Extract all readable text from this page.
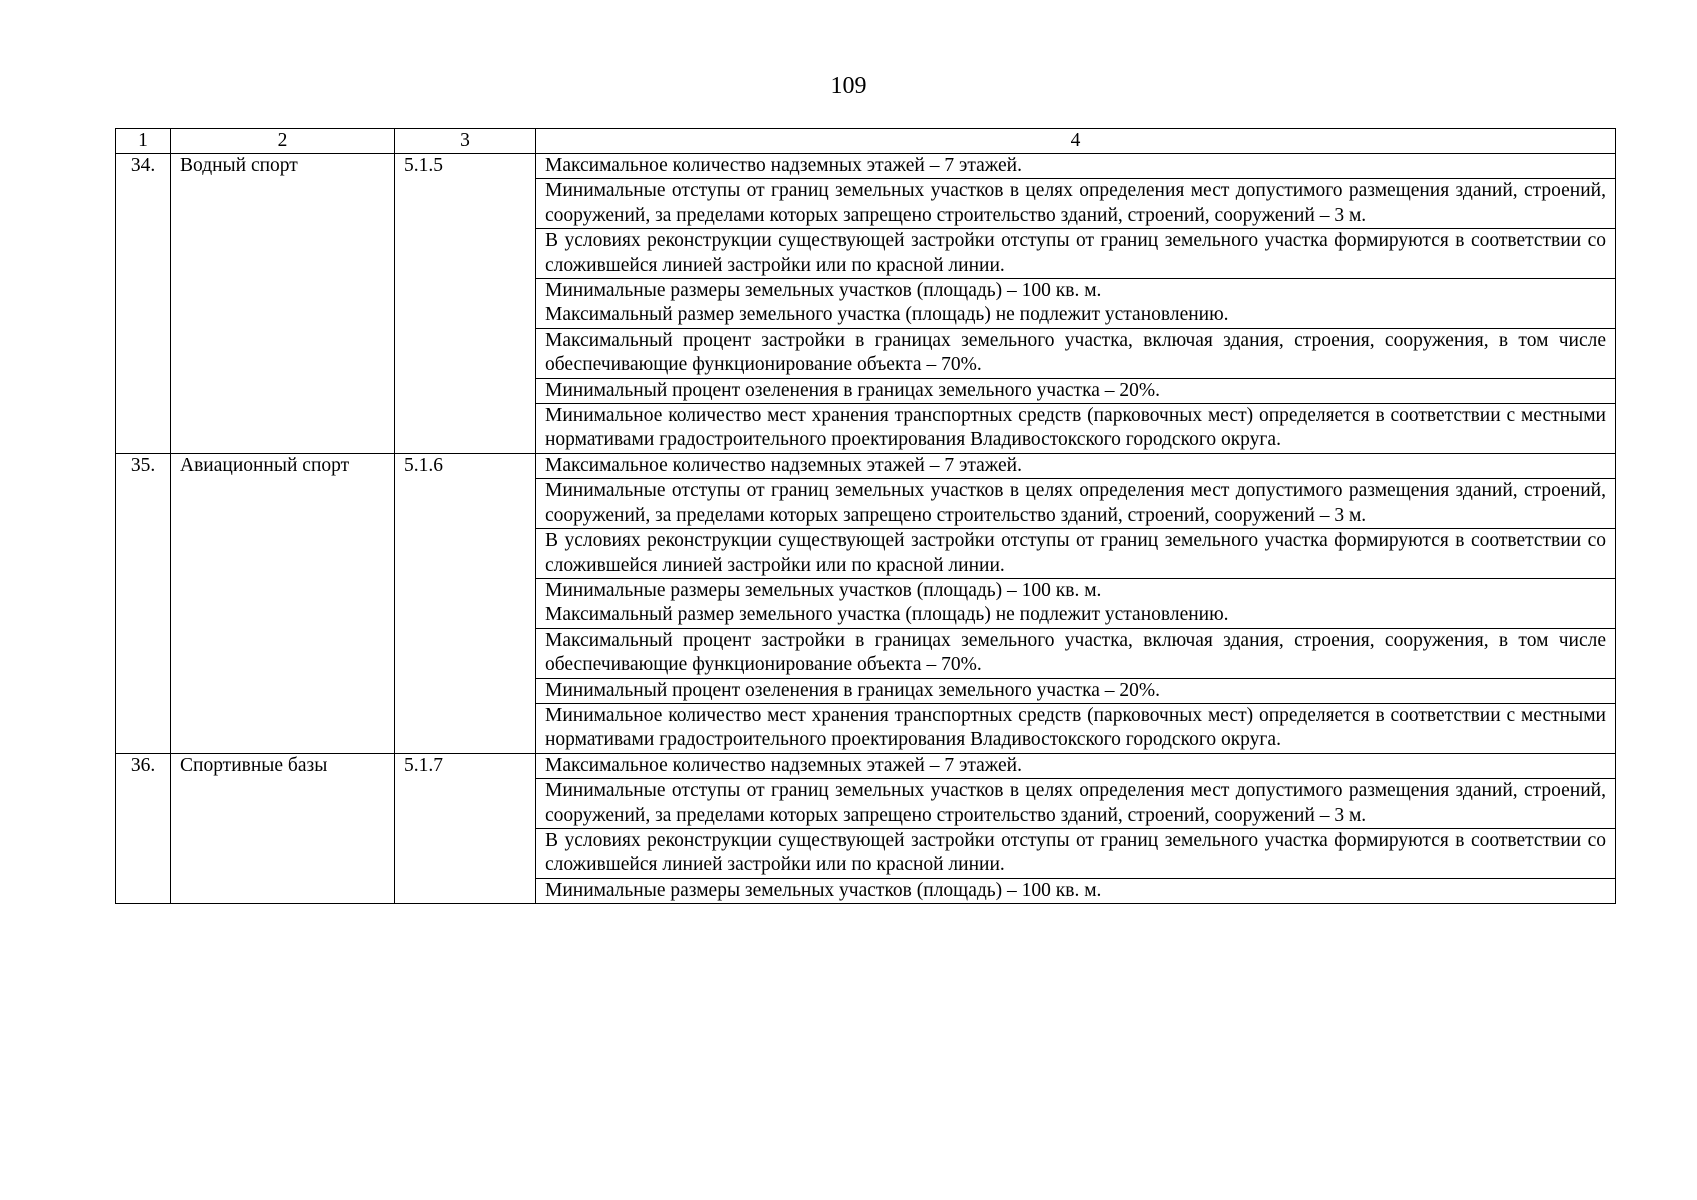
109
1	2	3	4
34.	Водный спорт	5.1.5	Максимальное количество надземных этажей – 7 этажей.

			Минимальные отступы от границ земельных участков в целях определения мест допустимого размещения зданий, строений, сооружений, за пределами которых запрещено строительство зданий, строений, сооружений – 3 м.

			В условиях реконструкции существующей застройки отступы от границ земельного участка формируются в соответствии со сложившейся линией застройки или по красной линии.

			Минимальные размеры земельных участков (площадь) – 100 кв. м.
Максимальный размер земельного участка (площадь) не подлежит установлению.

			Максимальный процент застройки в границах земельного участка, включая здания, строения, сооружения, в том числе обеспечивающие функционирование объекта – 70%.

			Минимальный процент озеленения в границах земельного участка – 20%.

			Минимальное количество мест хранения транспортных средств (парковочных мест) определяется в соответствии с местными нормативами градостроительного проектирования Владивостокского городского округа.

35.	Авиационный спорт	5.1.6	Максимальное количество надземных этажей – 7 этажей.

			Минимальные отступы от границ земельных участков в целях определения мест допустимого размещения зданий, строений, сооружений, за пределами которых запрещено строительство зданий, строений, сооружений – 3 м.

			В условиях реконструкции существующей застройки отступы от границ земельного участка формируются в соответствии со сложившейся линией застройки или по красной линии.

			Минимальные размеры земельных участков (площадь) – 100 кв. м.
Максимальный размер земельного участка (площадь) не подлежит установлению.

			Максимальный процент застройки в границах земельного участка, включая здания, строения, сооружения, в том числе обеспечивающие функционирование объекта – 70%.

			Минимальный процент озеленения в границах земельного участка – 20%.

			Минимальное количество мест хранения транспортных средств (парковочных мест) определяется в соответствии с местными нормативами градостроительного проектирования Владивостокского городского округа.

36.	Спортивные базы	5.1.7	Максимальное количество надземных этажей – 7 этажей.

			Минимальные отступы от границ земельных участков в целях определения мест допустимого размещения зданий, строений, сооружений, за пределами которых запрещено строительство зданий, строений, сооружений – 3 м.

			В условиях реконструкции существующей застройки отступы от границ земельного участка формируются в соответствии со сложившейся линией застройки или по красной линии.

			Минимальные размеры земельных участков (площадь) – 100 кв. м.
